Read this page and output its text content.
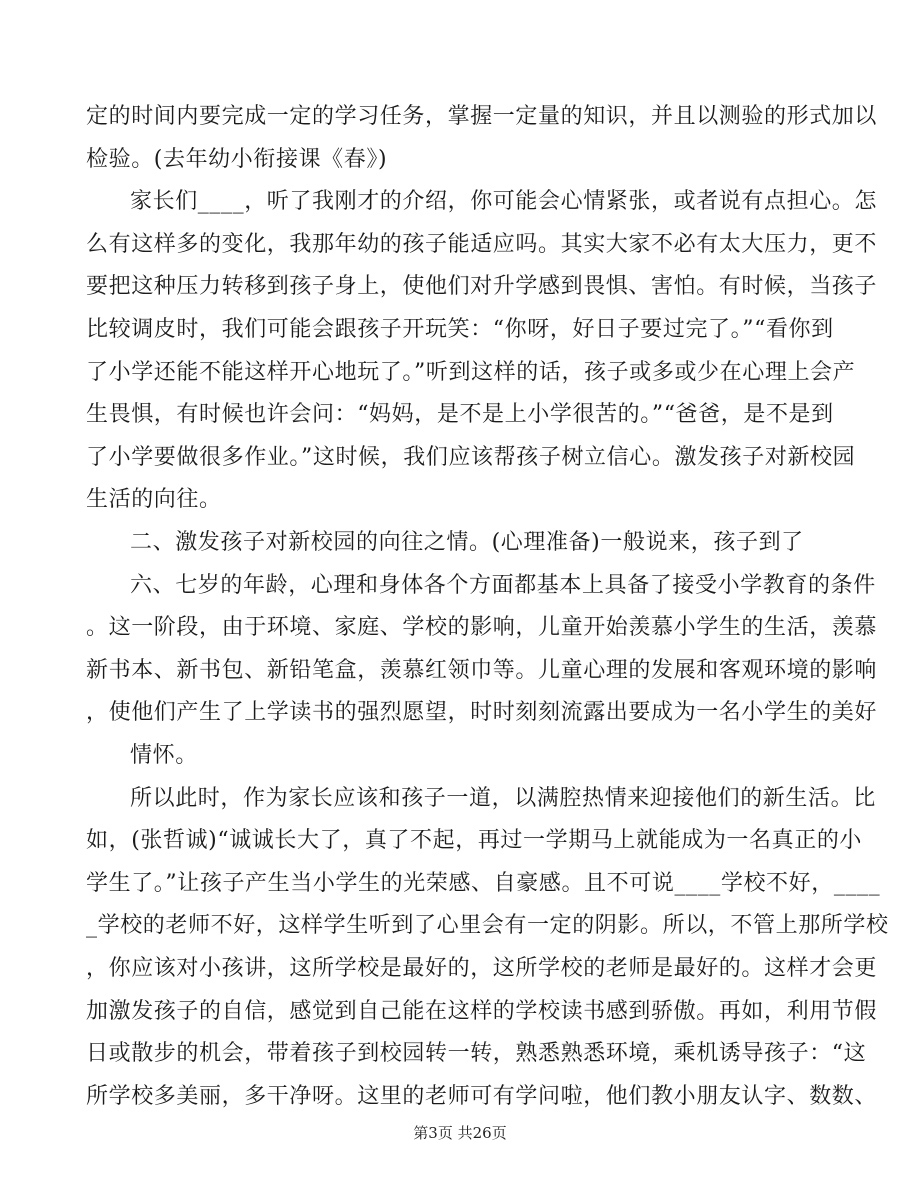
定的时间内要完成一定的学习任务，掌握一定量的知识，并且以测验的形式加以
检验。(去年幼小衔接课《春》)
家长们____，听了我刚才的介绍，你可能会心情紧张，或者说有点担心。怎
么有这样多的变化，我那年幼的孩子能适应吗。其实大家不必有太大压力，更不
要把这种压力转移到孩子身上，使他们对升学感到畏惧、害怕。有时候，当孩子
比较调皮时，我们可能会跟孩子开玩笑：“你呀，好日子要过完了。”“看你到
了小学还能不能这样开心地玩了。”听到这样的话，孩子或多或少在心理上会产
生畏惧，有时候也许会问：“妈妈，是不是上小学很苦的。”“爸爸，是不是到
了小学要做很多作业。”这时候，我们应该帮孩子树立信心。激发孩子对新校园
生活的向往。
二、激发孩子对新校园的向往之情。(心理准备)一般说来，孩子到了
六、七岁的年龄，心理和身体各个方面都基本上具备了接受小学教育的条件
。这一阶段，由于环境、家庭、学校的影响，儿童开始羡慕小学生的生活，羡慕
新书本、新书包、新铅笔盒，羡慕红领巾等。儿童心理的发展和客观环境的影响
，使他们产生了上学读书的强烈愿望，时时刻刻流露出要成为一名小学生的美好
情怀。
所以此时，作为家长应该和孩子一道，以满腔热情来迎接他们的新生活。比
如，(张哲诚)“诚诚长大了，真了不起，再过一学期马上就能成为一名真正的小
学生了。”让孩子产生当小学生的光荣感、自豪感。且不可说____学校不好，____
_学校的老师不好，这样学生听到了心里会有一定的阴影。所以，不管上那所学校
，你应该对小孩讲，这所学校是最好的，这所学校的老师是最好的。这样才会更
加激发孩子的自信，感觉到自己能在这样的学校读书感到骄傲。再如，利用节假
日或散步的机会，带着孩子到校园转一转，熟悉熟悉环境，乘机诱导孩子：“这
所学校多美丽，多干净呀。这里的老师可有学问啦，他们教小朋友认字、数数、
第3页 共26页
